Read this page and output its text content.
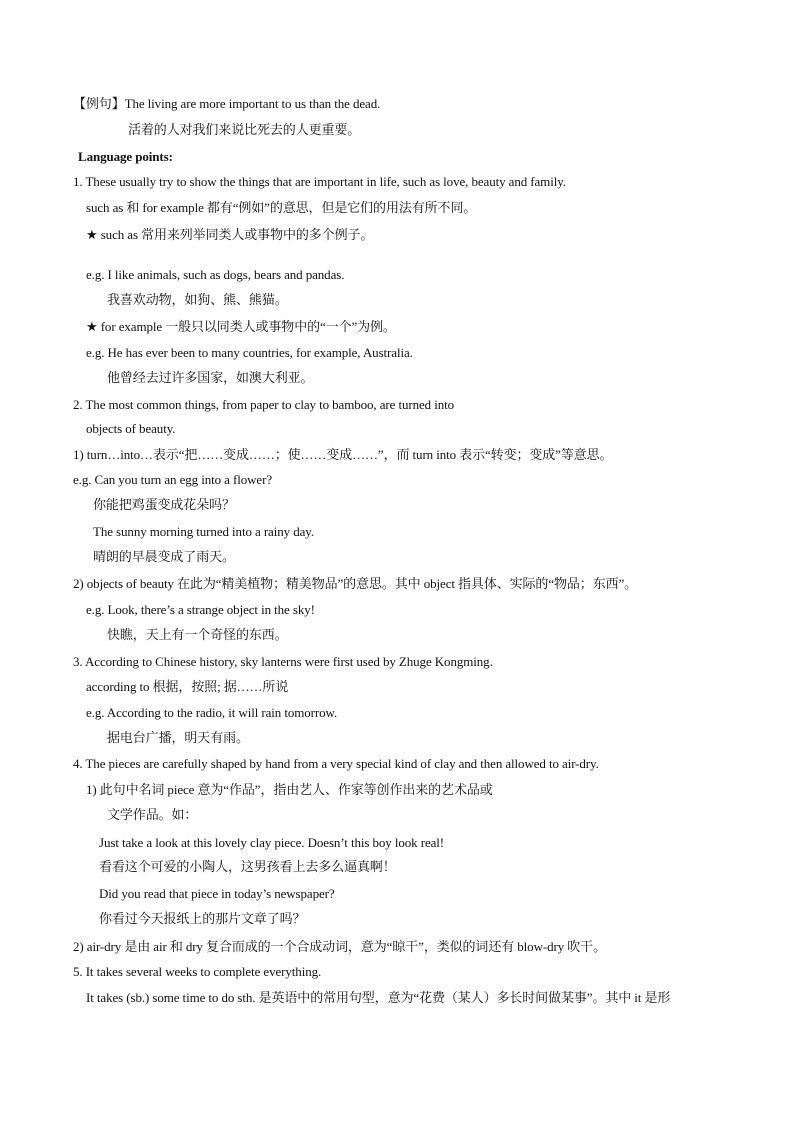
【例句】The living are more important to us than the dead.
活着的人对我们来说比死去的人更重要。
Language points:
1. These usually try to show the things that are important in life, such as love, beauty and family.
such as 和 for example 都有“例如”的意思，但是它们的用法有所不同。
★ such as 常用来列举同类人或事物中的多个例子。
e.g. I like animals, such as dogs, bears and pandas.
我喜欢动物，如狗、熊、熊猫。
★ for example 一般只以同类人或事物中的“一个”为例。
e.g. He has ever been to many countries, for example, Australia.
他曾经去过许多国家，如澳大利亚。
2. The most common things, from paper to clay to bamboo, are turned into
objects of beauty.
1) turn…into…表示“把……变成……；使……变成……”，而 turn into 表示“转变；变成”等意思。
e.g. Can you turn an egg into a flower?
你能把鸡蛋变成花朵吗？
The sunny morning turned into a rainy day.
晴朗的早晨变成了雨天。
2) objects of beauty 在此为“精美植物；精美物品”的意思。其中 object 指具体、实际的“物品；东西”。
e.g. Look, there’s a strange object in the sky!
快瞧，天上有一个奇怪的东西。
3. According to Chinese history, sky lanterns were first used by Zhuge Kongming.
according to 根据，按照; 据……所说
e.g. According to the radio, it will rain tomorrow.
据电台广播，明天有雨。
4. The pieces are carefully shaped by hand from a very special kind of clay and then allowed to air-dry.
1) 此句中名词 piece 意为“作品”，指由艺人、作家等创作出来的艺术品或
文学作品。如：
Just take a look at this lovely clay piece. Doesn’t this boy look real!
看看这个可爱的小陶人，这男孩看上去多么逼真啊！
Did you read that piece in today’s newspaper?
你看过今天报纸上的那片文章了吗？
2) air-dry 是由 air 和 dry 复合而成的一个合成动词，意为“晾干”，类似的词还有 blow-dry 吹干。
5. It takes several weeks to complete everything.
It takes (sb.) some time to do sth. 是英语中的常用句型，意为“花费（某人）多长时间做某事”。其中 it 是形
